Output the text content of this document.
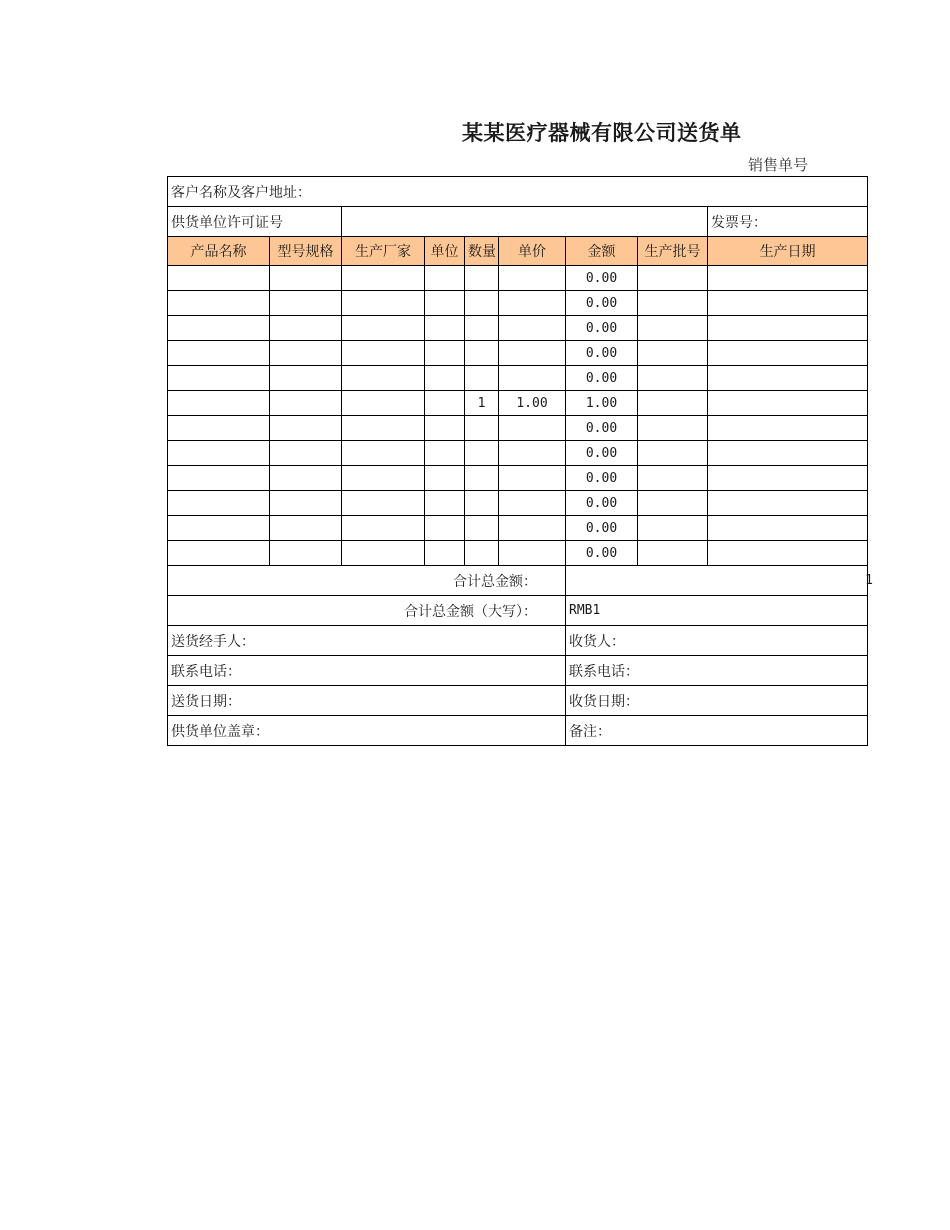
某某医疗器械有限公司送货单
销售单号
客户名称及客户地址：								
供货单位许可证号								发票号：
产品名称	型号规格	生产厂家	单位	数量	单价	金额	生产批号	生产日期
						0.00		
						0.00		
						0.00		
						0.00		
						0.00		
				1	1.00	1.00		
						0.00		
						0.00		
						0.00		
						0.00		
						0.00		
						0.00		
合计总金额：						1		
合计总金额（大写）：						RMB1		
送货经手人：						收货人：		
联系电话：						联系电话：		
送货日期：						收货日期：		
供货单位盖章：						备注：		
